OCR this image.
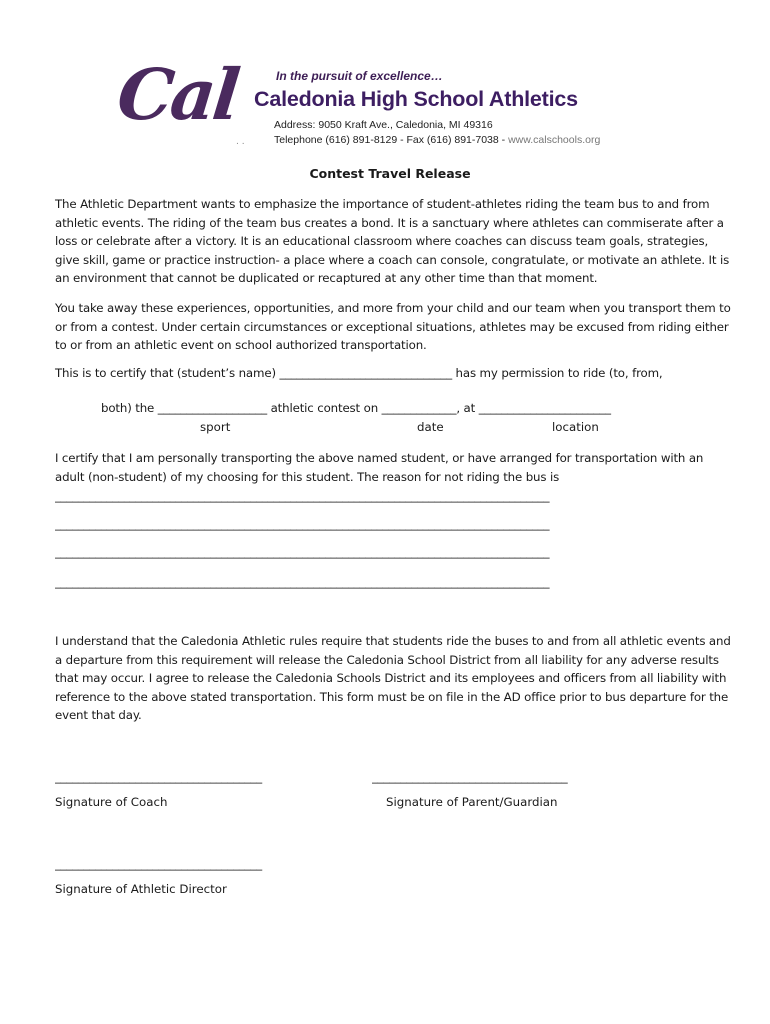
Cal	In the pursuit of excellence…
Caledonia High School Athletics
Address: 9050 Kraft Ave., Caledonia, MI 49316
Telephone (616) 891-8129 - Fax (616) 891-7038 - www.calschools.org
. .
Contest Travel Release
The Athletic Department wants to emphasize the importance of student-athletes riding the team bus to and from athletic events. The riding of the team bus creates a bond. It is a sanctuary where athletes can commiserate after a loss or celebrate after a victory. It is an educational classroom where coaches can discuss team goals, strategies, give skill, game or practice instruction- a place where a coach can console, congratulate, or motivate an athlete. It is an environment that cannot be duplicated or recaptured at any other time than that moment.
You take away these experiences, opportunities, and more from your child and our team when you transport them to or from a contest. Under certain circumstances or exceptional situations, athletes may be excused from riding either to or from an athletic event on school authorized transportation.
This is to certify that (student’s name) ______________________________ has my permission to ride (to, from,
both) the ___________________ athletic contest on _____________, at _______________________
sport	date	location
I certify that I am personally transporting the above named student, or have arranged for transportation with an adult (non-student) of my choosing for this student. The reason for not riding the bus is
______________________________________________________________________________________
______________________________________________________________________________________
______________________________________________________________________________________
______________________________________________________________________________________
I understand that the Caledonia Athletic rules require that students ride the buses to and from all athletic events and a departure from this requirement will release the Caledonia School District from all liability for any adverse results that may occur. I agree to release the Caledonia Schools District and its employees and officers from all liability with reference to the above stated transportation. This form must be on file in the AD office prior to bus departure for the event that day.
____________________________________	__________________________________
Signature of Coach	Signature of Parent/Guardian
____________________________________
Signature of Athletic Director
